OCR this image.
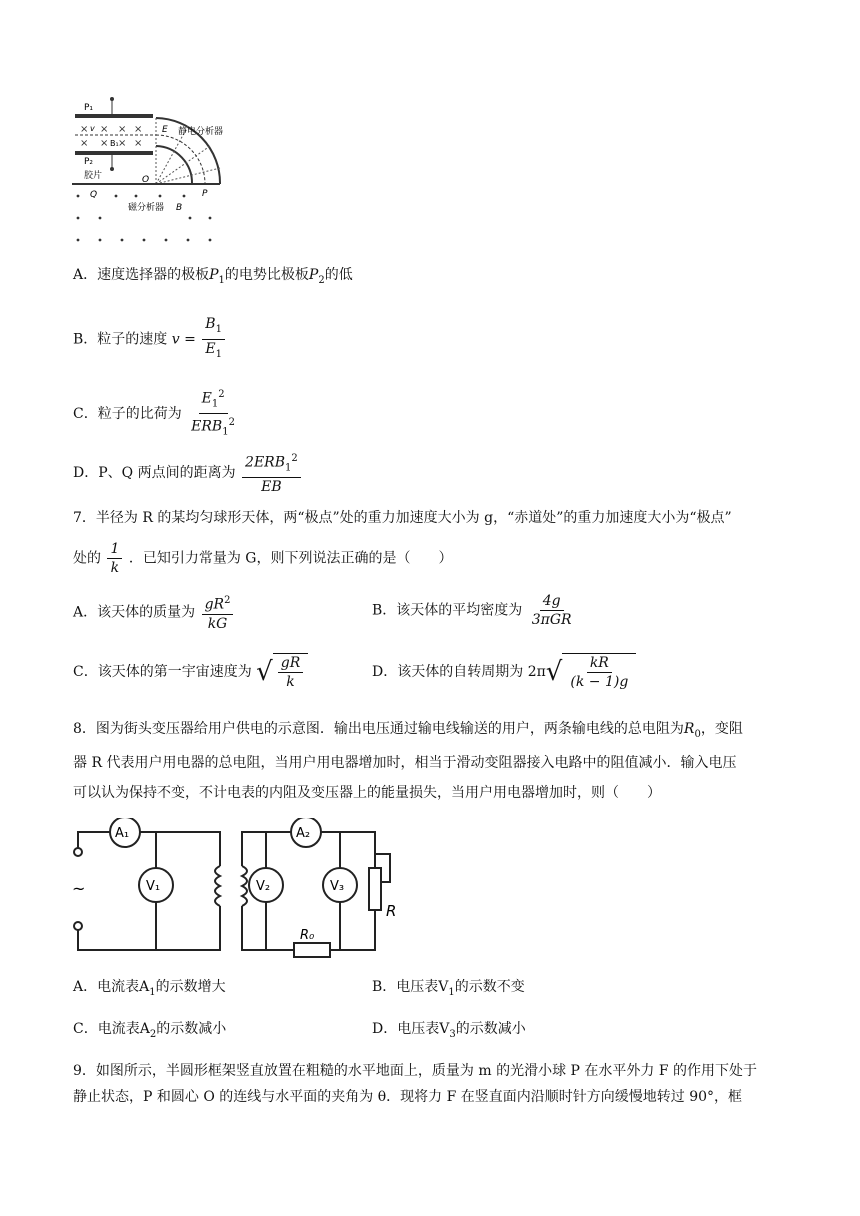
P₁
P₂
×
×
×
×
×
×
×
×
v
B₁
E 静电分析器
O
胶片
Q	P
磁分析器 B
A．速度选择器的极板$P_1$的电势比极板$P_2$的低
B．粒子的速度 $v = \frac{B_1}{E_1}$
C．粒子的比荷为 $\frac{E_1^2}{ERB_1^2}$
D．P、Q 两点间的距离为 $\frac{2ERB_1^2}{EB}$
7．半径为 R 的某均匀球形天体，两“极点”处的重力加速度大小为 g，“赤道处”的重力加速度大小为“极点”
处的 $\frac{1}{k}$ ．已知引力常量为 G，则下列说法正确的是（　　）
A．该天体的质量为 $\frac{gR^2}{kG}$	B．该天体的平均密度为 $\frac{4g}{\text{3πGR}}$
C．该天体的第一宇宙速度为 √ $\frac{gR}{k}$	D．该天体的自转周期为 2π √ $\frac{kR}{(k - 1)g}$
8．图为街头变压器给用户供电的示意图．输出电压通过输电线输送的用户，两条输电线的总电阻为$R_0$，变阻
器 R 代表用户用电器的总电阻，当用户用电器增加时，相当于滑动变阻器接入电路中的阻值减小．输入电压
可以认为保持不变，不计电表的内阻及变压器上的能量损失，当用户用电器增加时，则（　　）
~
A₁
V₁
A₂
V₂	V₃
R
R₀
A．电流表$A_1$的示数增大	B．电压表$V_1$的示数不变
C．电流表$A_2$的示数减小	D．电压表$V_3$的示数减小
9．如图所示，半圆形框架竖直放置在粗糙的水平地面上，质量为 m 的光滑小球 P 在水平外力 F 的作用下处于
静止状态，P 和圆心 O 的连线与水平面的夹角为 θ．现将力 F 在竖直面内沿顺时针方向缓慢地转过 90°，框
